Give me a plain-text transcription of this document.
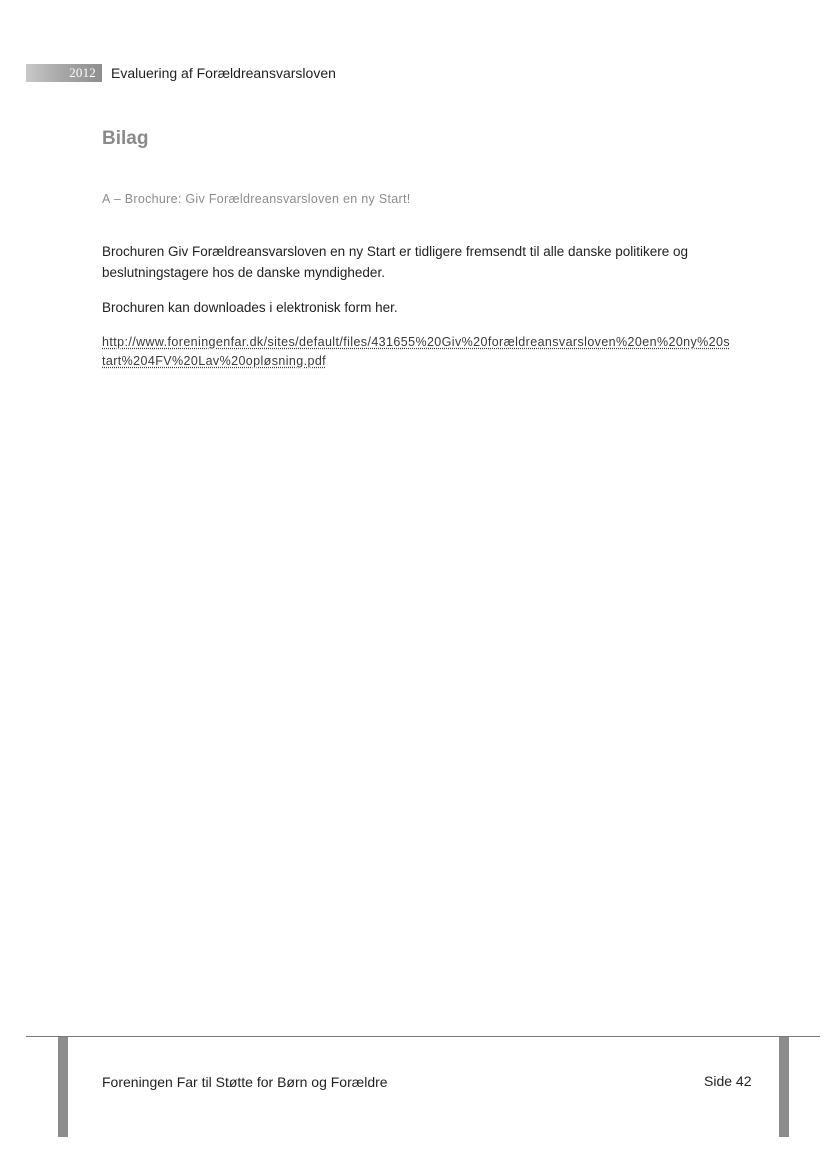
2012	Evaluering af Forældreansvarsloven
Bilag
A – Brochure: Giv Forældreansvarsloven en ny Start!
Brochuren Giv Forældreansvarsloven en ny Start er tidligere fremsendt til alle danske politikere og beslutningstagere hos de danske myndigheder.
Brochuren kan downloades i elektronisk form her.
http://www.foreningenfar.dk/sites/default/files/431655%20Giv%20forældreansvarsloven%20en%20ny%20s
tart%204FV%20Lav%20opløsning.pdf
Foreningen Far til Støtte for Børn og Forældre	Side 42
